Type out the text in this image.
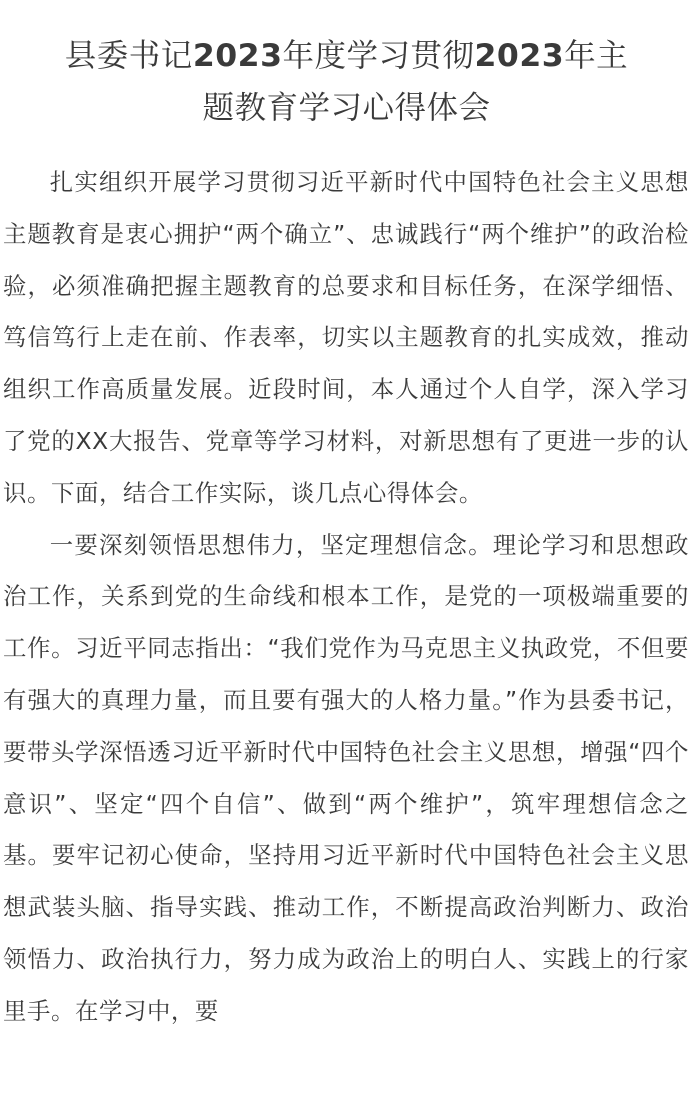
县委书记2023年度学习贯彻2023年主
题教育学习心得体会

扎实组织开展学习贯彻习近平新时代中国特色社会主义思想主题教育是衷心拥护“两个确立”、忠诚践行“两个维护”的政治检验，必须准确把握主题教育的总要求和目标任务，在深学细悟、笃信笃行上走在前、作表率，切实以主题教育的扎实成效，推动组织工作高质量发展。近段时间，本人通过个人自学，深入学习了党的XX大报告、党章等学习材料，对新思想有了更进一步的认识。下面，结合工作实际，谈几点心得体会。

一要深刻领悟思想伟力，坚定理想信念。理论学习和思想政治工作，关系到党的生命线和根本工作，是党的一项极端重要的工作。习近平同志指出：“我们党作为马克思主义执政党，不但要有强大的真理力量，而且要有强大的人格力量。”作为县委书记，要带头学深悟透习近平新时代中国特色社会主义思想，增强“四个意识”、坚定“四个自信”、做到“两个维护”，筑牢理想信念之基。要牢记初心使命，坚持用习近平新时代中国特色社会主义思想武装头脑、指导实践、推动工作，不断提高政治判断力、政治领悟力、政治执行力，努力成为政治上的明白人、实践上的行家里手。在学习中，要
